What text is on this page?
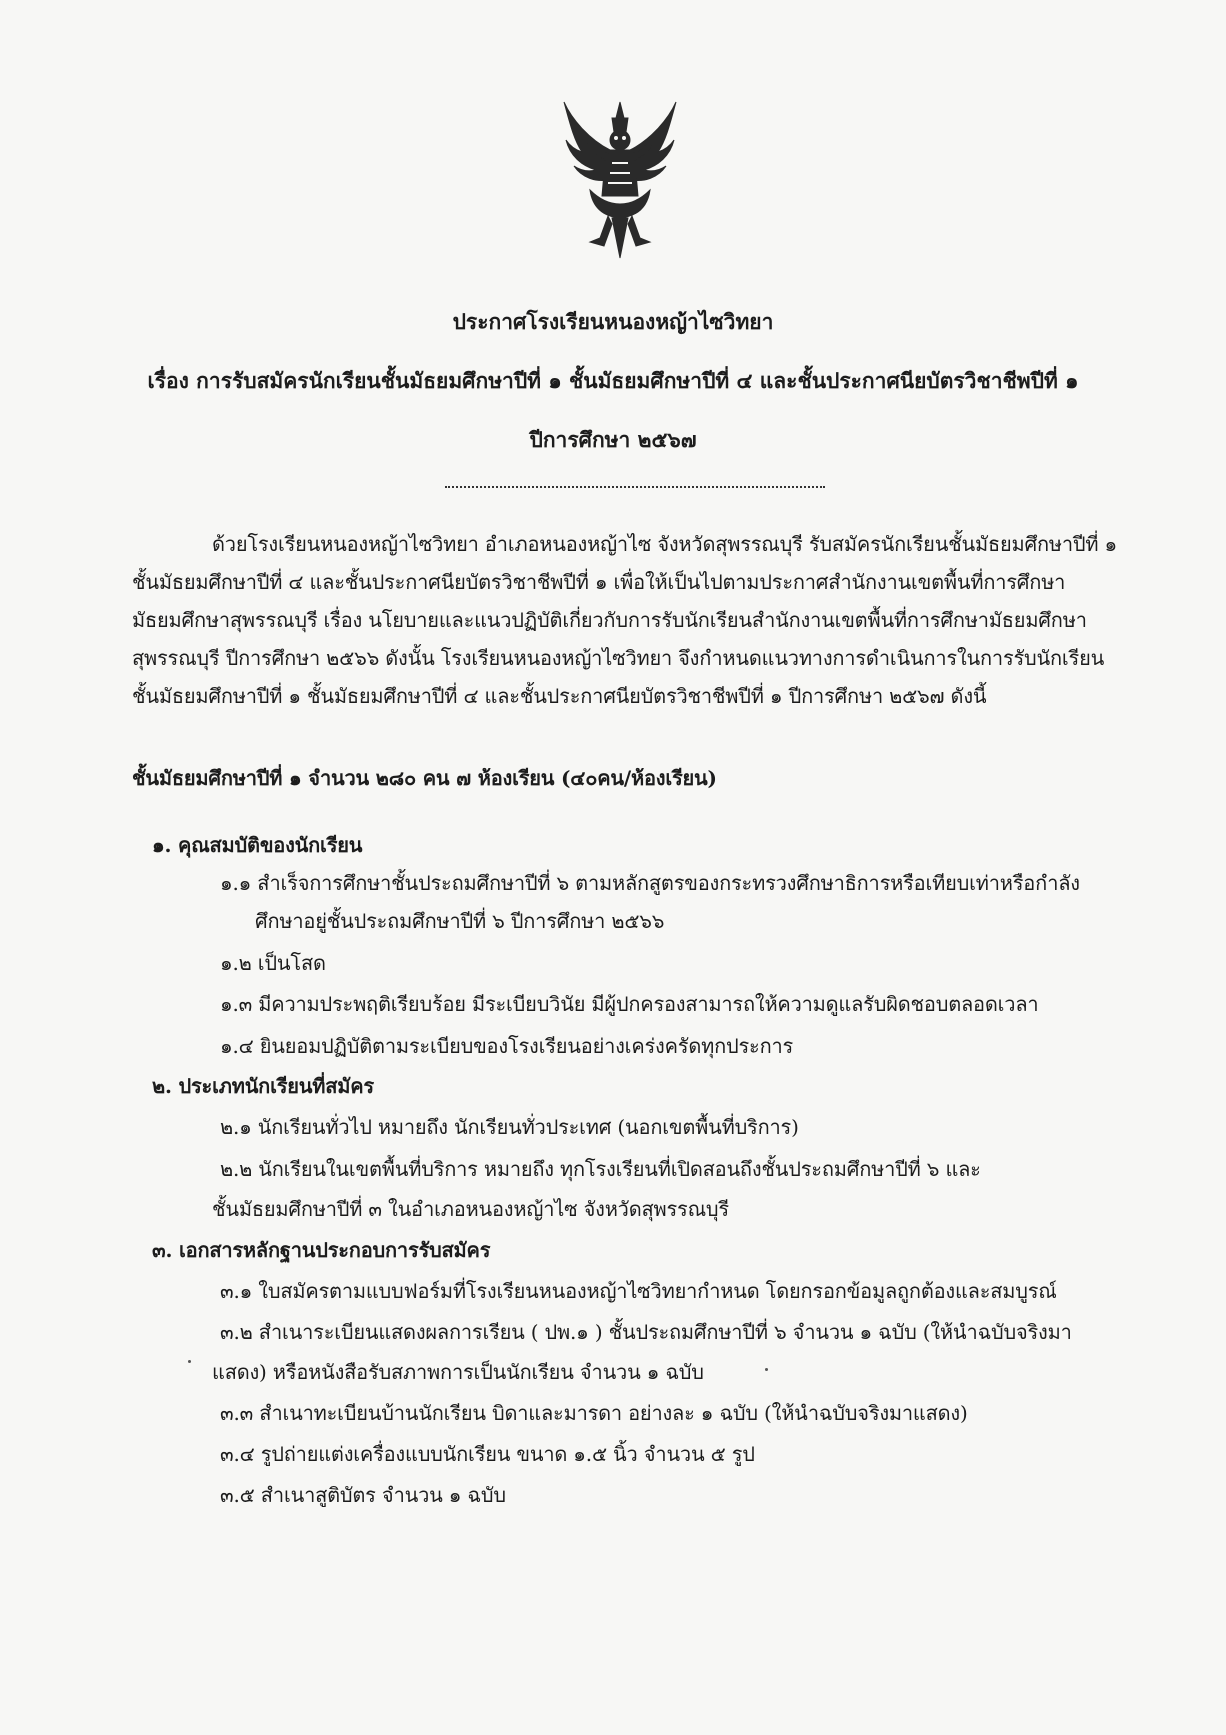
ประกาศโรงเรียนหนองหญ้าไซวิทยา
เรื่อง การรับสมัครนักเรียนชั้นมัธยมศึกษาปีที่ ๑ ชั้นมัธยมศึกษาปีที่ ๔ และชั้นประกาศนียบัตรวิชาชีพปีที่ ๑
ปีการศึกษา ๒๕๖๗
ด้วยโรงเรียนหนองหญ้าไซวิทยา อำเภอหนองหญ้าไซ จังหวัดสุพรรณบุรี รับสมัครนักเรียนชั้นมัธยมศึกษาปีที่ ๑
ชั้นมัธยมศึกษาปีที่ ๔ และชั้นประกาศนียบัตรวิชาชีพปีที่ ๑ เพื่อให้เป็นไปตามประกาศสำนักงานเขตพื้นที่การศึกษา
มัธยมศึกษาสุพรรณบุรี เรื่อง นโยบายและแนวปฏิบัติเกี่ยวกับการรับนักเรียนสำนักงานเขตพื้นที่การศึกษามัธยมศึกษา
สุพรรณบุรี ปีการศึกษา ๒๕๖๖ ดังนั้น โรงเรียนหนองหญ้าไซวิทยา จึงกำหนดแนวทางการดำเนินการในการรับนักเรียน
ชั้นมัธยมศึกษาปีที่ ๑ ชั้นมัธยมศึกษาปีที่ ๔ และชั้นประกาศนียบัตรวิชาชีพปีที่ ๑ ปีการศึกษา ๒๕๖๗ ดังนี้
ชั้นมัธยมศึกษาปีที่ ๑ จำนวน ๒๘๐ คน ๗ ห้องเรียน (๔๐คน/ห้องเรียน)
๑. คุณสมบัติของนักเรียน
๑.๑ สำเร็จการศึกษาชั้นประถมศึกษาปีที่ ๖ ตามหลักสูตรของกระทรวงศึกษาธิการหรือเทียบเท่าหรือกำลัง
ศึกษาอยู่ชั้นประถมศึกษาปีที่ ๖ ปีการศึกษา ๒๕๖๖
๑.๒ เป็นโสด
๑.๓ มีความประพฤติเรียบร้อย มีระเบียบวินัย มีผู้ปกครองสามารถให้ความดูแลรับผิดชอบตลอดเวลา
๑.๔ ยินยอมปฏิบัติตามระเบียบของโรงเรียนอย่างเคร่งครัดทุกประการ
๒. ประเภทนักเรียนที่สมัคร
๒.๑ นักเรียนทั่วไป หมายถึง นักเรียนทั่วประเทศ (นอกเขตพื้นที่บริการ)
๒.๒ นักเรียนในเขตพื้นที่บริการ หมายถึง ทุกโรงเรียนที่เปิดสอนถึงชั้นประถมศึกษาปีที่ ๖ และ
ชั้นมัธยมศึกษาปีที่ ๓ ในอำเภอหนองหญ้าไซ จังหวัดสุพรรณบุรี
๓. เอกสารหลักฐานประกอบการรับสมัคร
๓.๑ ใบสมัครตามแบบฟอร์มที่โรงเรียนหนองหญ้าไซวิทยากำหนด โดยกรอกข้อมูลถูกต้องและสมบูรณ์
๓.๒ สำเนาระเบียนแสดงผลการเรียน ( ปพ.๑ ) ชั้นประถมศึกษาปีที่ ๖ จำนวน ๑ ฉบับ (ให้นำฉบับจริงมา
แสดง) หรือหนังสือรับสภาพการเป็นนักเรียน จำนวน ๑ ฉบับ
๓.๓ สำเนาทะเบียนบ้านนักเรียน บิดาและมารดา อย่างละ ๑ ฉบับ (ให้นำฉบับจริงมาแสดง)
๓.๔ รูปถ่ายแต่งเครื่องแบบนักเรียน ขนาด ๑.๕ นิ้ว จำนวน ๕ รูป
๓.๕ สำเนาสูติบัตร จำนวน ๑ ฉบับ
